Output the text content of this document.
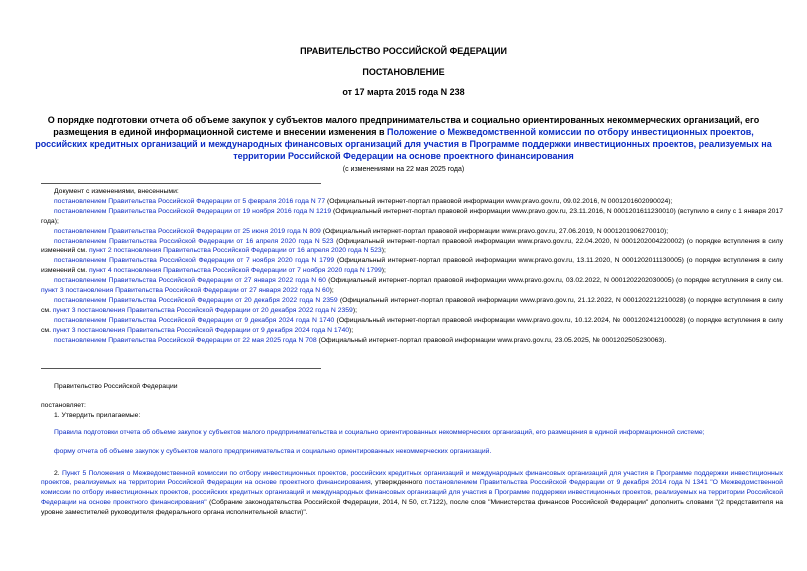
ПРАВИТЕЛЬСТВО РОССИЙСКОЙ ФЕДЕРАЦИИ
ПОСТАНОВЛЕНИЕ
от 17 марта 2015 года N 238
О порядке подготовки отчета об объеме закупок у субъектов малого предпринимательства и социально ориентированных некоммерческих организаций, его размещения в единой информационной системе и внесении изменения в Положение о Межведомственной комиссии по отбору инвестиционных проектов, российских кредитных организаций и международных финансовых организаций для участия в Программе поддержки инвестиционных проектов, реализуемых на территории Российской Федерации на основе проектного финансирования
(с изменениями на 22 мая 2025 года)
Документ с изменениями, внесенными:
постановлением Правительства Российской Федерации от 5 февраля 2016 года N 77 (Официальный интернет-портал правовой информации www.pravo.gov.ru, 09.02.2016, N 0001201602090024);
постановлением Правительства Российской Федерации от 19 ноября 2016 года N 1219 (Официальный интернет-портал правовой информации www.pravo.gov.ru, 23.11.2016, N 0001201611230010) (вступило в силу с 1 января 2017 года);
постановлением Правительства Российской Федерации от 25 июня 2019 года N 809 (Официальный интернет-портал правовой информации www.pravo.gov.ru, 27.06.2019, N 0001201906270010);
постановлением Правительства Российской Федерации от 16 апреля 2020 года N 523 (Официальный интернет-портал правовой информации www.pravo.gov.ru, 22.04.2020, N 0001202004220002) (о порядке вступления в силу изменений см. пункт 2 постановления Правительства Российской Федерации от 16 апреля 2020 года N 523);
постановлением Правительства Российской Федерации от 7 ноября 2020 года N 1799 (Официальный интернет-портал правовой информации www.pravo.gov.ru, 13.11.2020, N 0001202011130005) (о порядке вступления в силу изменений см. пункт 4 постановления Правительства Российской Федерации от 7 ноября 2020 года N 1799);
постановлением Правительства Российской Федерации от 27 января 2022 года N 60 (Официальный интернет-портал правовой информации www.pravo.gov.ru, 03.02.2022, N 0001202202030005) (о порядке вступления в силу см. пункт 3 постановления Правительства Российской Федерации от 27 января 2022 года N 60);
постановлением Правительства Российской Федерации от 20 декабря 2022 года N 2359 (Официальный интернет-портал правовой информации www.pravo.gov.ru, 21.12.2022, N 0001202212210028) (о порядке вступления в силу см. пункт 3 постановления Правительства Российской Федерации от 20 декабря 2022 года N 2359);
постановлением Правительства Российской Федерации от 9 декабря 2024 года N 1740 (Официальный интернет-портал правовой информации www.pravo.gov.ru, 10.12.2024, № 0001202412100028) (о порядке вступления в силу см. пункт 3 постановления Правительства Российской Федерации от 9 декабря 2024 года N 1740);
постановлением Правительства Российской Федерации от 22 мая 2025 года N 708 (Официальный интернет-портал правовой информации www.pravo.gov.ru, 23.05.2025, № 0001202505230063).
Правительство Российской Федерации
постановляет:
1. Утвердить прилагаемые:
Правила подготовки отчета об объеме закупок у субъектов малого предпринимательства и социально ориентированных некоммерческих организаций, его размещения в единой информационной системе;
форму отчета об объеме закупок у субъектов малого предпринимательства и социально ориентированных некоммерческих организаций.
2. Пункт 5 Положения о Межведомственной комиссии по отбору инвестиционных проектов, российских кредитных организаций и международных финансовых организаций для участия в Программе поддержки инвестиционных проектов, реализуемых на территории Российской Федерации на основе проектного финансирования, утвержденного постановлением Правительства Российской Федерации от 9 декабря 2014 года N 1341 "О Межведомственной комиссии по отбору инвестиционных проектов, российских кредитных организаций и международных финансовых организаций для участия в Программе поддержки инвестиционных проектов, реализуемых на территории Российской Федерации на основе проектного финансирования" (Собрание законодательства Российской Федерации, 2014, N 50, ст.7122), после слов "Министерства финансов Российской Федерации" дополнить словами "(2 представителя на уровне заместителей руководителя федерального органа исполнительной власти)".
